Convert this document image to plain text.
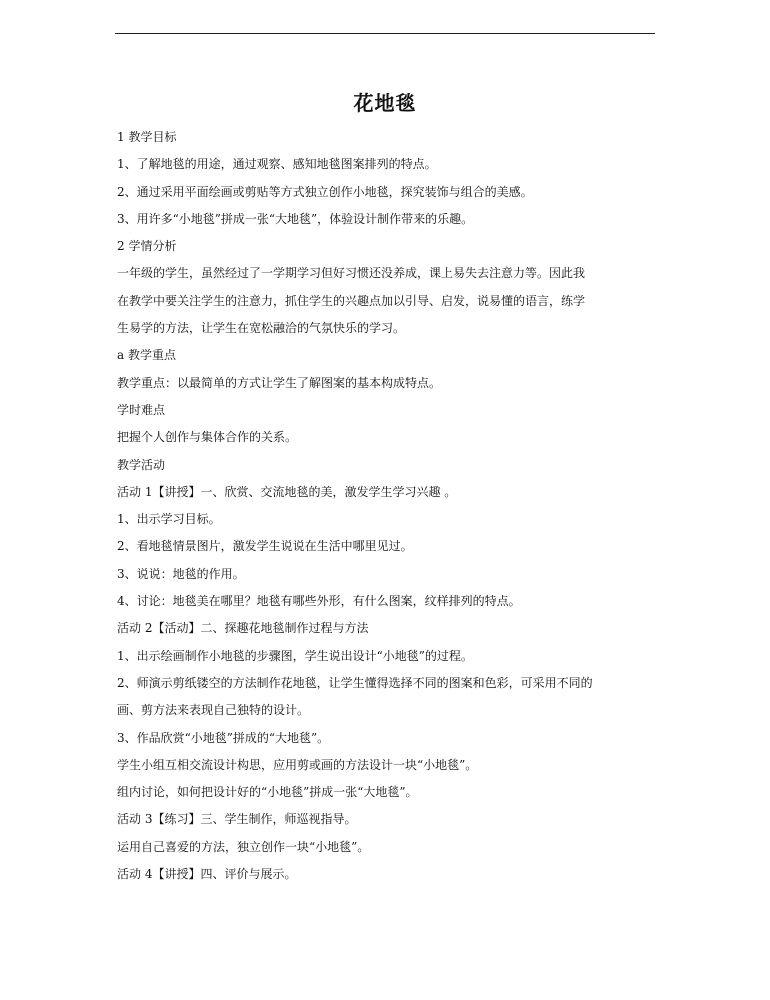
花地毯
1 教学目标
1、了解地毯的用途，通过观察、感知地毯图案排列的特点。
2、通过采用平面绘画或剪贴等方式独立创作小地毯，探究装饰与组合的美感。
3、用许多“小地毯”拼成一张“大地毯”，体验设计制作带来的乐趣。
2 学情分析
一年级的学生，虽然经过了一学期学习但好习惯还没养成，课上易失去注意力等。因此我
在教学中要关注学生的注意力，抓住学生的兴趣点加以引导、启发，说易懂的语言，练学
生易学的方法，让学生在宽松融洽的气氛快乐的学习。
a 教学重点
教学重点：以最简单的方式让学生了解图案的基本构成特点。
学时难点
把握个人创作与集体合作的关系。
教学活动
活动 1【讲授】一、欣赏、交流地毯的美，激发学生学习兴趣 。
1、出示学习目标。
2、看地毯情景图片，激发学生说说在生活中哪里见过。
3、说说：地毯的作用。
4、讨论：地毯美在哪里？地毯有哪些外形，有什么图案，纹样排列的特点。
活动 2【活动】二、探趣花地毯制作过程与方法
1、出示绘画制作小地毯的步骤图，学生说出设计“小地毯”的过程。
2、师演示剪纸镂空的方法制作花地毯，让学生懂得选择不同的图案和色彩，可采用不同的
画、剪方法来表现自己独特的设计。
3、作品欣赏“小地毯”拼成的“大地毯”。
学生小组互相交流设计构思，应用剪或画的方法设计一块“小地毯”。
组内讨论，如何把设计好的“小地毯”拼成一张“大地毯”。
活动 3【练习】三、学生制作，师巡视指导。
运用自己喜爱的方法，独立创作一块“小地毯”。
活动 4【讲授】四、评价与展示。
